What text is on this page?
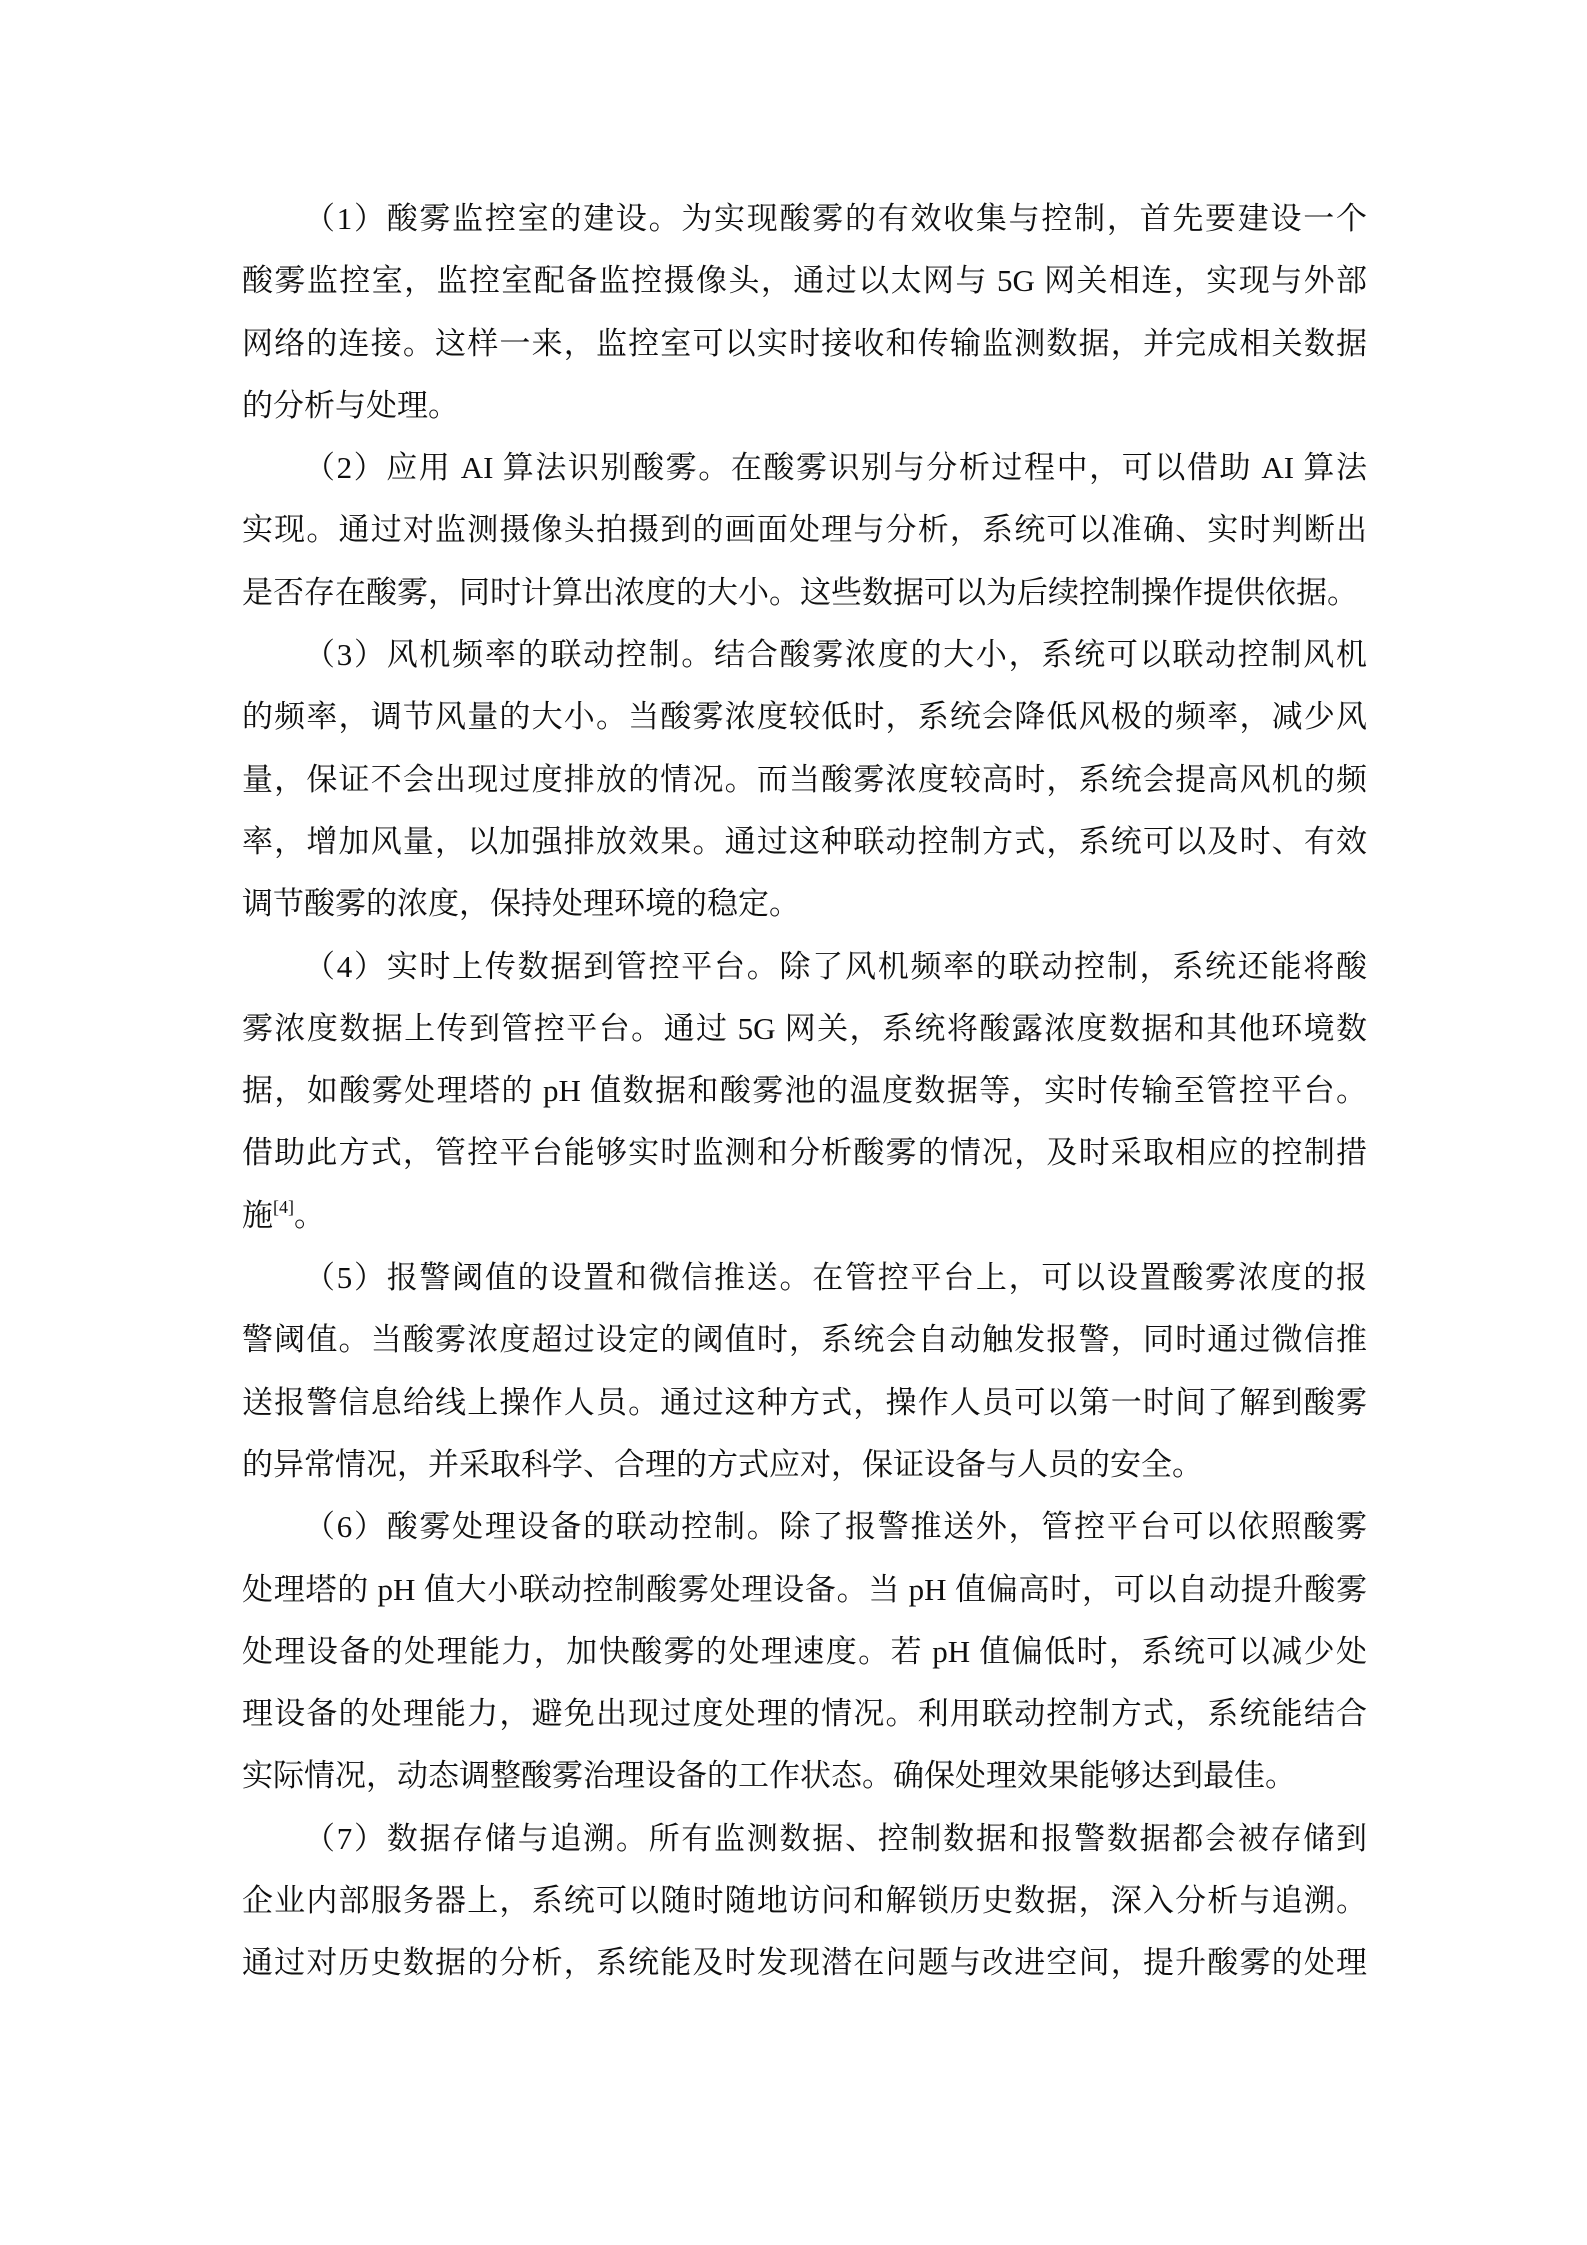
（1）酸雾监控室的建设。为实现酸雾的有效收集与控制，首先要建设一个
酸雾监控室，监控室配备监控摄像头，通过以太网与 5G 网关相连，实现与外部
网络的连接。这样一来，监控室可以实时接收和传输监测数据，并完成相关数据
的分析与处理。
（2）应用 AI 算法识别酸雾。在酸雾识别与分析过程中，可以借助 AI 算法
实现。通过对监测摄像头拍摄到的画面处理与分析，系统可以准确、实时判断出
是否存在酸雾，同时计算出浓度的大小。这些数据可以为后续控制操作提供依据。
（3）风机频率的联动控制。结合酸雾浓度的大小，系统可以联动控制风机
的频率，调节风量的大小。当酸雾浓度较低时，系统会降低风极的频率，减少风
量，保证不会出现过度排放的情况。而当酸雾浓度较高时，系统会提高风机的频
率，增加风量，以加强排放效果。通过这种联动控制方式，系统可以及时、有效
调节酸雾的浓度，保持处理环境的稳定。
（4）实时上传数据到管控平台。除了风机频率的联动控制，系统还能将酸
雾浓度数据上传到管控平台。通过 5G 网关，系统将酸露浓度数据和其他环境数
据，如酸雾处理塔的 pH 值数据和酸雾池的温度数据等，实时传输至管控平台。
借助此方式，管控平台能够实时监测和分析酸雾的情况，及时采取相应的控制措
施[4]。
（5）报警阈值的设置和微信推送。在管控平台上，可以设置酸雾浓度的报
警阈值。当酸雾浓度超过设定的阈值时，系统会自动触发报警，同时通过微信推
送报警信息给线上操作人员。通过这种方式，操作人员可以第一时间了解到酸雾
的异常情况，并采取科学、合理的方式应对，保证设备与人员的安全。
（6）酸雾处理设备的联动控制。除了报警推送外，管控平台可以依照酸雾
处理塔的 pH 值大小联动控制酸雾处理设备。当 pH 值偏高时，可以自动提升酸雾
处理设备的处理能力，加快酸雾的处理速度。若 pH 值偏低时，系统可以减少处
理设备的处理能力，避免出现过度处理的情况。利用联动控制方式，系统能结合
实际情况，动态调整酸雾治理设备的工作状态。确保处理效果能够达到最佳。
（7）数据存储与追溯。所有监测数据、控制数据和报警数据都会被存储到
企业内部服务器上，系统可以随时随地访问和解锁历史数据，深入分析与追溯。
通过对历史数据的分析，系统能及时发现潜在问题与改进空间，提升酸雾的处理
